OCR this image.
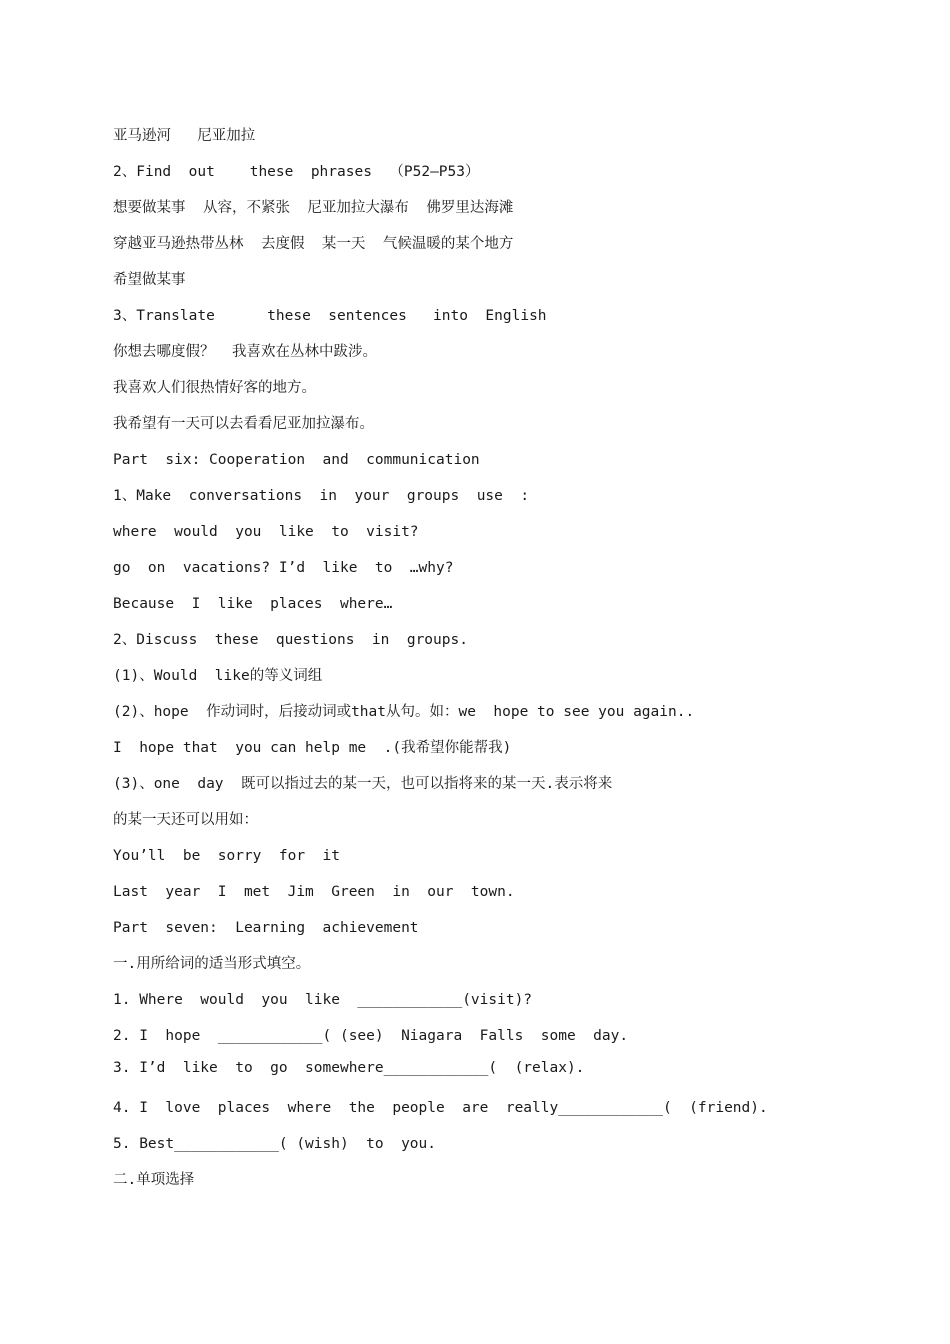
亚马逊河   尼亚加拉
2、Find  out    these  phrases  （P52—P53）
想要做某事  从容，不紧张  尼亚加拉大瀑布  佛罗里达海滩
穿越亚马逊热带丛林  去度假  某一天  气候温暖的某个地方
希望做某事
3、Translate      these  sentences   into  English
你想去哪度假？  我喜欢在丛林中跋涉。
我喜欢人们很热情好客的地方。
我希望有一天可以去看看尼亚加拉瀑布。
Part  six: Cooperation  and  communication
1、Make  conversations  in  your  groups  use  :
where  would  you  like  to  visit?
go  on  vacations? I’d  like  to  …why?
Because  I  like  places  where…
2、Discuss  these  questions  in  groups.
(1)、Would  like的等义词组
(2)、hope  作动词时，后接动词或that从句。如：we  hope to see you again..
I  hope that  you can help me  .(我希望你能帮我)
(3)、one  day  既可以指过去的某一天，也可以指将来的某一天.表示将来
的某一天还可以用如：
You’ll  be  sorry  for  it
Last  year  I  met  Jim  Green  in  our  town.
Part  seven:  Learning  achievement
一.用所给词的适当形式填空。
1. Where  would  you  like  ____________(visit)?
2. I  hope  ____________( (see)  Niagara  Falls  some  day.
3. I’d  like  to  go  somewhere____________(  (relax).
4. I  love  places  where  the  people  are  really____________(  (friend).
5. Best____________( (wish)  to  you.
二.单项选择
